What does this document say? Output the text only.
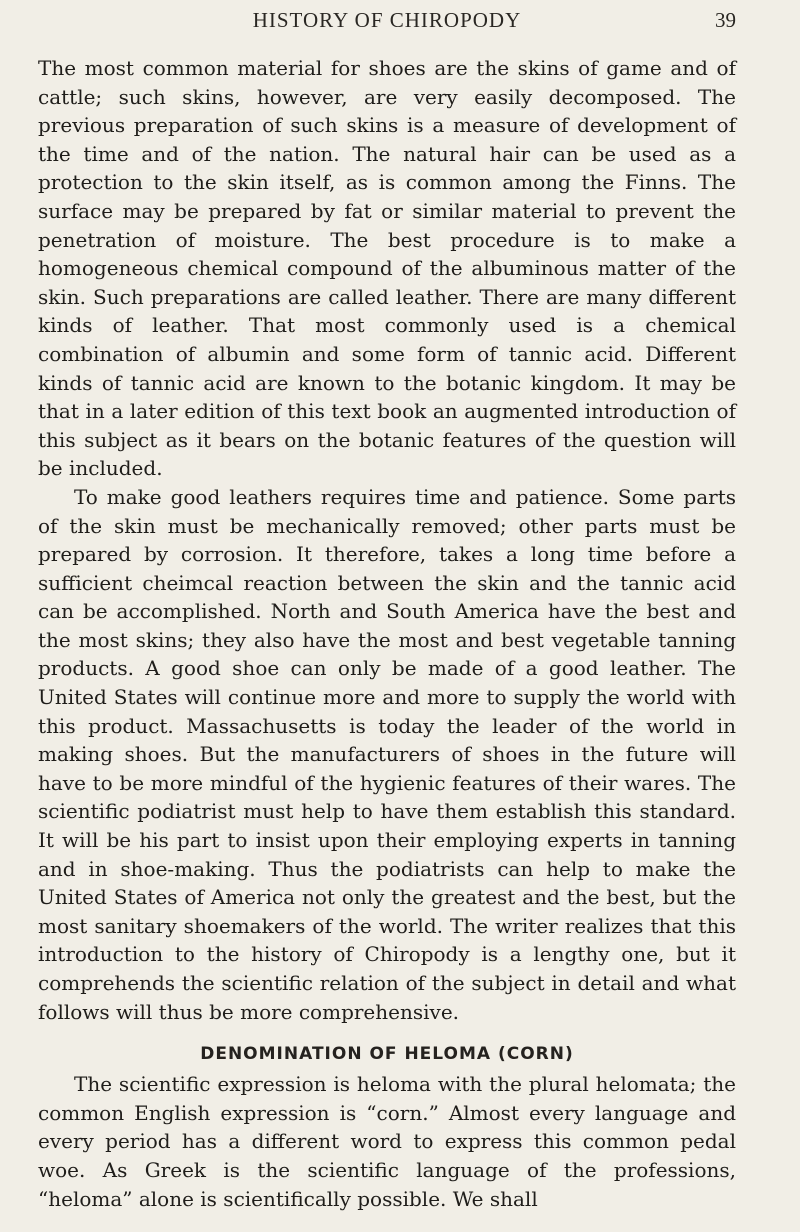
HISTORY OF CHIROPODY	39

The most common material for shoes are the skins of game and of cattle; such skins, however, are very easily decomposed. The previous preparation of such skins is a measure of development of the time and of the nation. The natural hair can be used as a protection to the skin itself, as is common among the Finns. The surface may be prepared by fat or similar material to prevent the penetration of moisture. The best procedure is to make a homogeneous chemical compound of the albuminous matter of the skin. Such preparations are called leather. There are many different kinds of leather. That most commonly used is a chemical combination of albumin and some form of tannic acid. Different kinds of tannic acid are known to the botanic kingdom. It may be that in a later edition of this text book an augmented introduction of this subject as it bears on the botanic features of the question will be included.

To make good leathers requires time and patience. Some parts of the skin must be mechanically removed; other parts must be prepared by corrosion. It therefore, takes a long time before a sufficient cheimcal reaction between the skin and the tannic acid can be accomplished. North and South America have the best and the most skins; they also have the most and best vegetable tanning products. A good shoe can only be made of a good leather. The United States will continue more and more to supply the world with this product. Massachusetts is today the leader of the world in making shoes. But the manufacturers of shoes in the future will have to be more mindful of the hygienic features of their wares. The scientific podiatrist must help to have them establish this standard. It will be his part to insist upon their employing experts in tanning and in shoe-making. Thus the podiatrists can help to make the United States of America not only the greatest and the best, but the most sanitary shoemakers of the world. The writer realizes that this introduction to the history of Chiropody is a lengthy one, but it comprehends the scientific relation of the subject in detail and what follows will thus be more comprehensive.

DENOMINATION OF HELOMA (CORN)

The scientific expression is heloma with the plural helomata; the common English expression is “corn.” Almost every language and every period has a different word to express this common pedal woe. As Greek is the scientific language of the professions, “heloma” alone is scientifically possible. We shall
